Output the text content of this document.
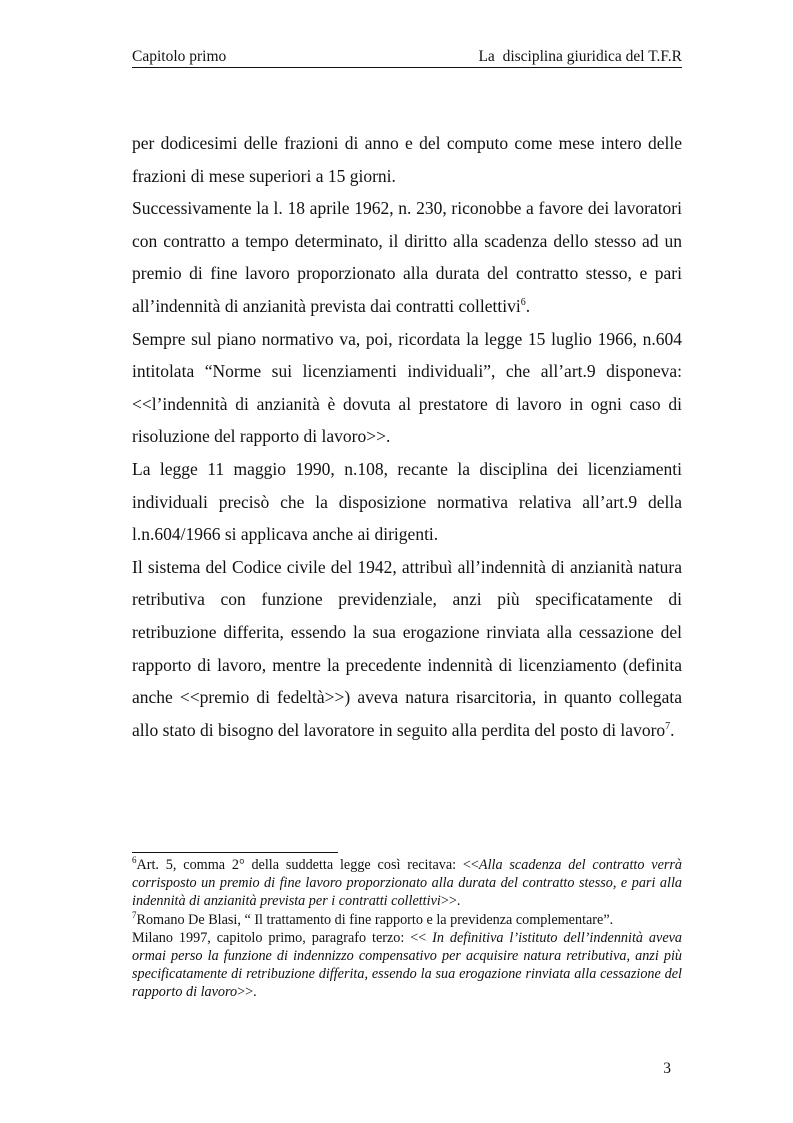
Capitolo primo	La  disciplina giuridica del T.F.R

per dodicesimi delle frazioni di anno e del computo come mese intero delle frazioni di mese superiori a 15 giorni.

Successivamente la l. 18 aprile 1962, n. 230, riconobbe a favore dei lavoratori con contratto a tempo determinato, il diritto alla scadenza dello stesso ad un premio di fine lavoro proporzionato alla durata del contratto stesso, e pari all’indennità di anzianità prevista dai contratti collettivi$^6$.

Sempre sul piano normativo va, poi, ricordata la legge 15 luglio 1966, n.604 intitolata “Norme sui licenziamenti individuali”, che all’art.9 disponeva: <<l’indennità di anzianità è dovuta al prestatore di lavoro in ogni caso di risoluzione del rapporto di lavoro>>.

La legge 11 maggio 1990, n.108, recante la disciplina dei licenziamenti individuali precisò che la disposizione normativa relativa all’art.9 della l.n.604/1966 si applicava anche ai dirigenti.

Il sistema del Codice civile del 1942, attribuì all’indennità di anzianità natura retributiva con funzione previdenziale, anzi più specificatamente di retribuzione differita, essendo la sua erogazione rinviata alla cessazione del rapporto di lavoro, mentre la precedente indennità di licenziamento (definita anche <<premio di fedeltà>>) aveva natura risarcitoria, in quanto collegata allo stato di bisogno del lavoratore in seguito alla perdita del posto di lavoro$^7$.

$^6$Art. 5, comma 2° della suddetta legge così recitava: <<Alla scadenza del contratto verrà corrisposto un premio di fine lavoro proporzionato alla durata del contratto stesso, e pari alla indennità di anzianità prevista per i contratti collettivi>>.

$^7$Romano De Blasi, “ Il trattamento di fine rapporto e la previdenza complementare”.

Milano 1997, capitolo primo, paragrafo terzo: << In definitiva l’istituto dell’indennità aveva ormai perso la funzione di indennizzo compensativo per acquisire natura retributiva, anzi più specificatamente di retribuzione differita, essendo la sua erogazione rinviata alla cessazione del rapporto di lavoro>>.

3
